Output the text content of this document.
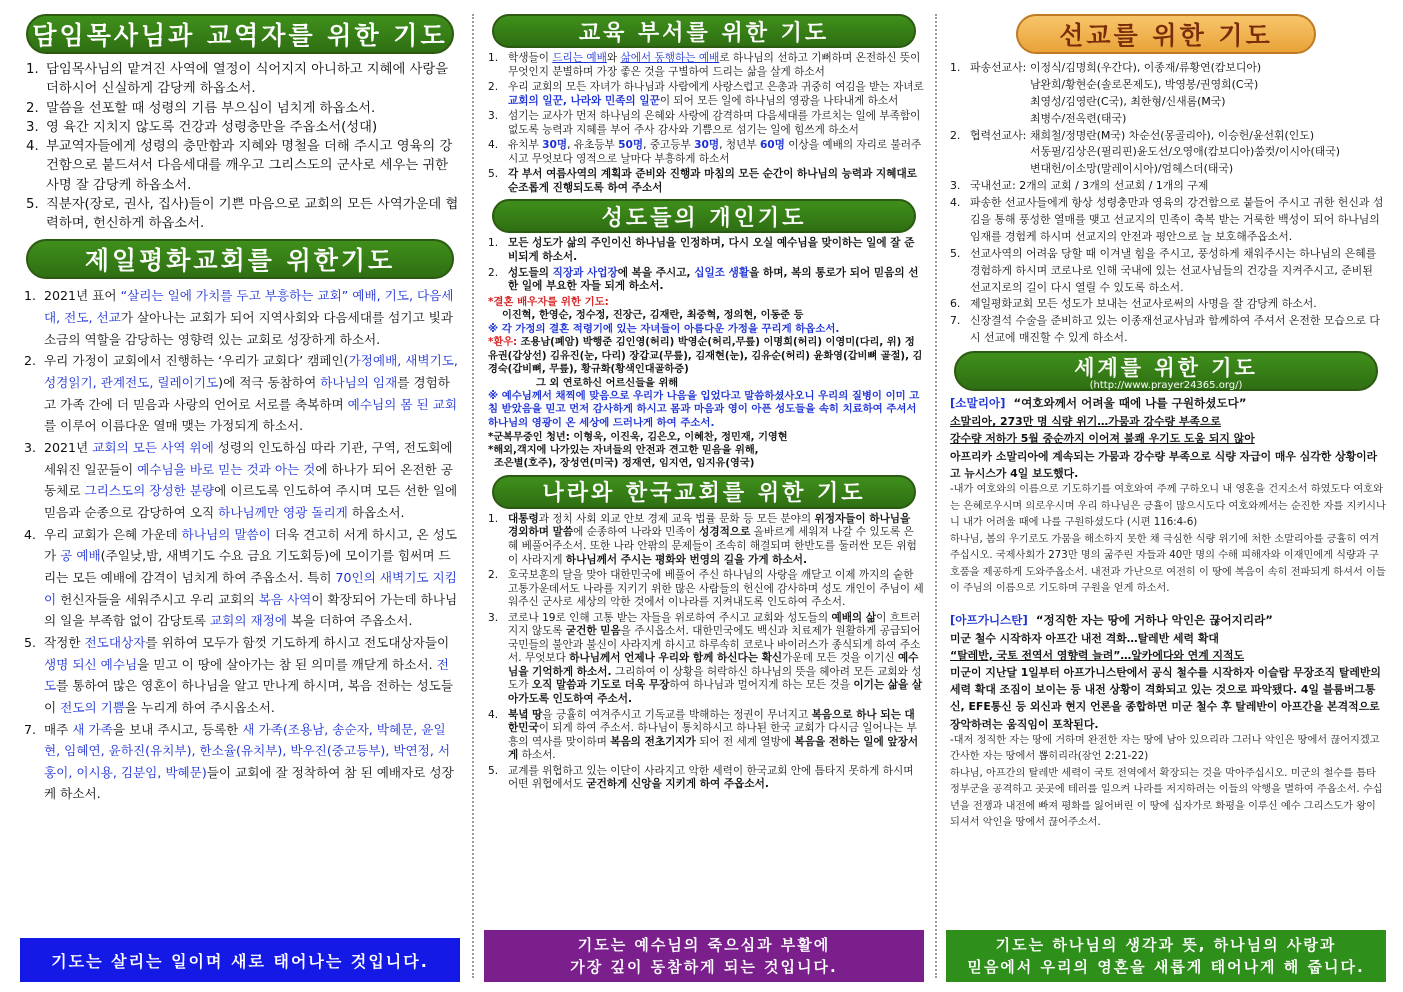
담임목사님과 교역자를 위한 기도
1. 담임목사님의 맡겨진 사역에 열정이 식어지지 아니하고 지혜에 사랑을 더하시어 신실하게 감당케 하옵소서.
2. 말씀을 선포할 때 성령의 기름 부으심이 넘치게 하옵소서.
3. 영 육간 지치지 않도록 건강과 성령충만을 주옵소서(성대)
4. 부교역자들에게 성령의 충만함과 지혜와 명철을 더해 주시고 영육의 강건함으로 붙드셔서 다음세대를 깨우고 그리스도의 군사로 세우는 귀한 사명 잘 감당케 하옵소서.
5. 직분자(장로, 권사, 집사)들이 기쁜 마음으로 교회의 모든 사역가운데 협력하며, 헌신하게 하옵소서.
제일평화교회를 위한기도
1. 2021년 표어 “살리는 일에 가치를 두고 부흥하는 교회” 예배, 기도, 다음세대, 전도, 선교가 살아나는 교회가 되어 지역사회와 다음세대를 섬기고 빛과 소금의 역할을 감당하는 영향력 있는 교회로 성장하게 하소서.
2. 우리 가정이 교회에서 진행하는 ‘우리가 교회다’ 캠페인(가정예배, 새벽기도, 성경읽기, 관계전도, 릴레이기도)에 적극 동참하여 하나님의 임재를 경험하고 가족 간에 더 믿음과 사랑의 언어로 서로를 축복하며 예수님의 몸 된 교회를 이루어 이름다운 열매 맺는 가정되게 하소서.
3. 2021년 교회의 모든 사역 위에 성령의 인도하심 따라 기관, 구역, 전도회에 세워진 일꾼들이 예수님을 바로 믿는 것과 아는 것에 하나가 되어 온전한 공동체로 그리스도의 장성한 분량에 이르도록 인도하여 주시며 모든 선한 일에 믿음과 순종으로 감당하여 오직 하나님께만 영광 돌리게 하옵소서.
4. 우리 교회가 은혜 가운데 하나님의 말씀이 더욱 견고히 서게 하시고, 온 성도가 공 예배(주일낮,밤, 새벽기도 수요 금요 기도회등)에 모이기를 힘써며 드리는 모든 예배에 감격이 넘치게 하여 주옵소서. 특히 70인의 새벽기도 지킴이 헌신자들을 세워주시고 우리 교회의 복음 사역이 확장되어 가는데 하나님의 일을 부족함 없이 감당토록 교회의 재정에 복을 더하여 주옵소서.
5. 작정한 전도대상자를 위하여 모두가 함껏 기도하게 하시고 전도대상자들이 생명 되신 예수님을 믿고 이 땅에 살아가는 참 된 의미를 깨닫게 하소서. 전도를 통하여 많은 영혼이 하나님을 알고 만나게 하시며, 복음 전하는 성도들이 전도의 기쁨을 누리게 하여 주시옵소서.
7. 매주 새 가족을 보내 주시고, 등록한 새 가족(조용남, 송순자, 박혜문, 윤일현, 임혜연, 윤하진(유치부), 한소율(유치부), 박우진(중고등부), 박연정, 서홍이, 이시용, 김분임, 박혜문)들이 교회에 잘 정착하여 참 된 예배자로 성장케 하소서.
기도는 살리는 일이며 새로 태어나는 것입니다.
교육 부서를 위한 기도
1. 학생들이 드리는 예배와 삶에서 동행하는 예배로 하나님의 선하고 기뻐하며 온전하신 뜻이 무엇인지 분별하며 가장 좋은 것을 구별하여 드리는 삶을 살게 하소서
2. 우리 교회의 모든 자녀가 하나님과 사람에게 사랑스럽고 은총과 귀중히 여김을 받는 자녀로 교회의 일꾼, 나라와 민족의 일꾼이 되어 모든 일에 하나님의 영광을 나타내게 하소서
3. 섬기는 교사가 먼저 하나님의 은혜와 사랑에 감격하며 다음세대를 가르치는 일에 부족함이 없도록 능력과 지혜를 부어 주사 감사와 기쁨으로 섬기는 일에 힘쓰게 하소서
4. 유치부 30명, 유초등부 50명, 중고등부 30명, 청년부 60명 이상을 예배의 자리로 불러주시고 무엇보다 영적으로 날마다 부흥하게 하소서
5. 각 부서 여름사역의 계획과 준비와 진행과 마침의 모든 순간이 하나님의 능력과 지혜대로 순조롭게 진행되도록 하여 주소서
성도들의 개인기도
1. 모든 성도가 삶의 주인이신 하나님을 인정하며, 다시 오실 예수님을 맞이하는 일에 잘 준비되게 하소서.
2. 성도들의 직장과 사업장에 복을 주시고, 십일조 생활을 하며, 복의 통로가 되어 믿음의 선한 일에 부요한 자들 되게 하소서.
*결혼 배우자를 위한 기도:
이진혁, 한영순, 정수정, 진장근, 김재란, 최중혁, 정의현, 이동준 등
※ 각 가정의 결혼 적령기에 있는 자녀들이 아름다운 가정을 꾸리게 하옵소서.
*환우: 조용남(폐암) 박행준 김인영(허리) 박영순(허리,무릎) 이명희(허리) 이영미(다리, 위) 정유권(갑상선) 김유진(눈, 다리) 장갑교(무릎), 김재현(눈), 김유순(허리) 윤화영(갑비뼈 골절), 김경숙(갑비뼈, 무릎), 황규화(황색인대골하증)
그 외 연로하신 어르신들을 위해
※ 예수님께서 채찍에 맞음으로 우리가 나음을 입었다고 말씀하셨사오니 우리의 질병이 이미 고침 받았음을 믿고 먼저 감사하게 하시고 몸과 마음과 영이 아픈 성도들을 속히 치료하여 주셔서 하나님의 영광이 온 세상에 드러나게 하여 주소서.
*군복무중인 청년: 이형욱, 이진욱, 김은오, 이혜찬, 정민재, 기영현
*해외,객지에 나가있는 자녀들의 안전과 견고한 믿음을 위해,
조은별(호주), 장성연(미국) 정재연, 임지연, 임지유(영국)
나라와 한국교회를 위한 기도
1. 대통령과 정치 사회 외교 안보 경제 교육 법률 문화 등 모든 분야의 위정자들이 하나님을 경외하며 말씀에 순종하여 나라와 민족이 성경적으로 올바르게 세워져 나갈 수 있도록 은혜 베풀어주소서. 또한 나라 안팎의 문제들이 조속히 해결되며 한반도를 둘러싼 모든 위험이 사라지게 하나님께서 주시는 평화와 번영의 길을 가게 하소서.
2. 호국보훈의 달을 맞아 대한민국에 베풀어 주신 하나님의 사랑을 깨닫고 이제 까지의 숱한 고통가운데서도 나라를 지키기 위한 많은 사람들의 헌신에 감사하며 성도 개인이 주님이 세워주신 군사로 세상의 악한 것에서 이나라를 지켜내도록 인도하여 주소서.
3. 코로나 19로 인해 고통 받는 자들을 위로하여 주시고 교회와 성도들의 예배의 삶이 흐트러지지 않도록 굳건한 믿음을 주시옵소서. 대한민국에도 백신과 치료제가 원활하게 공급되어 국민들의 불안과 불신이 사라지게 하시고 하루속히 코로나 바이러스가 종식되게 하여 주소서. 무엇보다 하나님께서 언제나 우리와 함께 하신다는 확신가운데 모든 것을 이기신 예수님을 기억하게 하소서. 그리하여 이 상황을 허락하신 하나님의 뜻을 헤아려 모든 교회와 성도가 오직 말씀과 기도로 더욱 무장하여 하나님과 멀어지게 하는 모든 것을 이기는 삶을 살아가도록 인도하여 주소서.
4. 북녘 땅을 긍휼히 여겨주시고 기독교를 박해하는 정권이 무너지고 복음으로 하나 되는 대한민국이 되게 하여 주소서. 하나님이 통치하시고 하나된 한국 교회가 다시금 일어나는 부흥의 역사를 맞이하며 복음의 전초기지가 되어 전 세계 열방에 복음을 전하는 일에 앞장서게 하소서.
5. 교계를 위협하고 있는 이단이 사라지고 악한 세력이 한국교회 안에 틈타지 못하게 하시며 어떤 위협에서도 굳건하게 신앙을 지키게 하여 주옵소서.
기도는 예수님의 죽으심과 부활에
가장 깊이 동참하게 되는 것입니다.
선교를 위한 기도
1. 파송선교사: 이정식/김명희(우간다), 이종재/류황연(캄보디아)
남완희/황현순(솔로몬제도), 박영봉/권영희(C국)
최영성/김영란(C국), 최한형/신새롬(M국)
최병수/전옥련(태국)
2. 협력선교사: 채희철/정명란(M국) 차순선(몽골리아), 이승헌/윤선휘(인도)
서동필/김상은(필리핀)윤도선/오영애(캄보디아)쑴컷/이시아(태국)
변대헌/이소망(말레이시아)/엄헤스더(태국)
3. 국내선교: 2개의 교회 / 3개의 선교회 / 1개의 구제
4. 파송한 선교사들에게 항상 성령충만과 영육의 강건함으로 붙들어 주시고 귀한 헌신과 섬김을 통해 풍성한 열매를 맺고 선교지의 민족이 축복 받는 거룩한 백성이 되어 하나님의 임재를 경험케 하시며 선교지의 안전과 평안으로 늘 보호해주옵소서.
5. 선교사역의 어려움 당할 때 이겨낼 힘을 주시고, 풍성하게 채워주시는 하나님의 은혜를 경험하게 하시며 코로나로 인해 국내에 있는 선교사님들의 건강을 지켜주시고, 준비된 선교지로의 길이 다시 열릴 수 있도록 하소서.
6. 제일평화교회 모든 성도가 보내는 선교사로써의 사명을 잘 감당케 하소서.
7. 신장결석 수술을 준비하고 있는 이종재선교사님과 함께하여 주셔서 온전한 모습으로 다시 선교에 매진할 수 있게 하소서.
세계를 위한 기도
(http://www.prayer24365.org/)
[소말리아] “여호와께서 어려울 때에 나를 구원하셨도다”
소말리아, 273만 명 식량 위기…가뭄과 강수량 부족으로
강수량 저하가 5월 중순까지 이어져 불쾌 우기도 도움 되지 않아
아프리카 소말리아에 계속되는 가뭄과 강수량 부족으로 식량 자급이 매우 심각한 상황이라고 뉴시스가 4일 보도했다.
-내가 여호와의 이름으로 기도하기를 여호와여 주께 구하오니 내 영혼을 건지소서 하였도다 여호와는 은혜로우시며 의로우시며 우리 하나님은 긍휼이 많으시도다 여호와께서는 순진한 자를 지키시나니 내가 어려울 때에 나를 구원하셨도다 (시편 116:4-6)
하나님, 봄의 우기로도 가뭄을 해소하지 못한 채 극심한 식량 위기에 처한 소말리아를 긍휼히 여겨 주십시오. 국제사회가 273만 명의 굶주린 자들과 40만 명의 수해 피해자와 이재민에게 식량과 구호품을 제공하게 도와주옵소서. 내전과 가난으로 여전히 이 땅에 복음이 속히 전파되게 하셔서 이들이 주님의 이름으로 기도하며 구원을 얻게 하소서.
[아프가니스탄] “정직한 자는 땅에 거하나 악인은 끊어지리라”
미군 철수 시작하자 아프간 내전 격화…탈레반 세력 확대
“탈레반, 국토 전역서 영향력 늘려”…알카에다와 연계 지적도
미군이 지난달 1일부터 아프가니스탄에서 공식 철수를 시작하자 이슬람 무장조직 탈레반의 세력 확대 조짐이 보이는 등 내전 상황이 격화되고 있는 것으로 파악됐다. 4일 블룸버그통신, EFE통신 등 외신과 현지 언론을 종합하면 미군 철수 후 탈레반이 아프간을 본격적으로 장악하려는 움직임이 포착된다.
-대저 정직한 자는 땅에 거하며 완전한 자는 땅에 남아 있으리라 그러나 악인은 땅에서 끊어지겠고 간사한 자는 땅에서 뽑히리라(잠언 2:21-22)
하나님, 아프간의 탈레반 세력이 국토 전역에서 확장되는 것을 막아주십시오. 미군의 철수를 틈타 정부군을 공격하고 곳곳에 테러를 일으켜 나라를 저지하려는 이들의 악행을 멸하여 주옵소서. 수십 년을 전쟁과 내전에 빠져 평화를 잃어버린 이 땅에 십자가로 화평을 이루신 예수 그리스도가 왕이 되셔서 악인을 땅에서 끊어주소서.
기도는 하나님의 생각과 뜻, 하나님의 사랑과
믿음에서 우리의 영혼을 새롭게 태어나게 해 줍니다.
